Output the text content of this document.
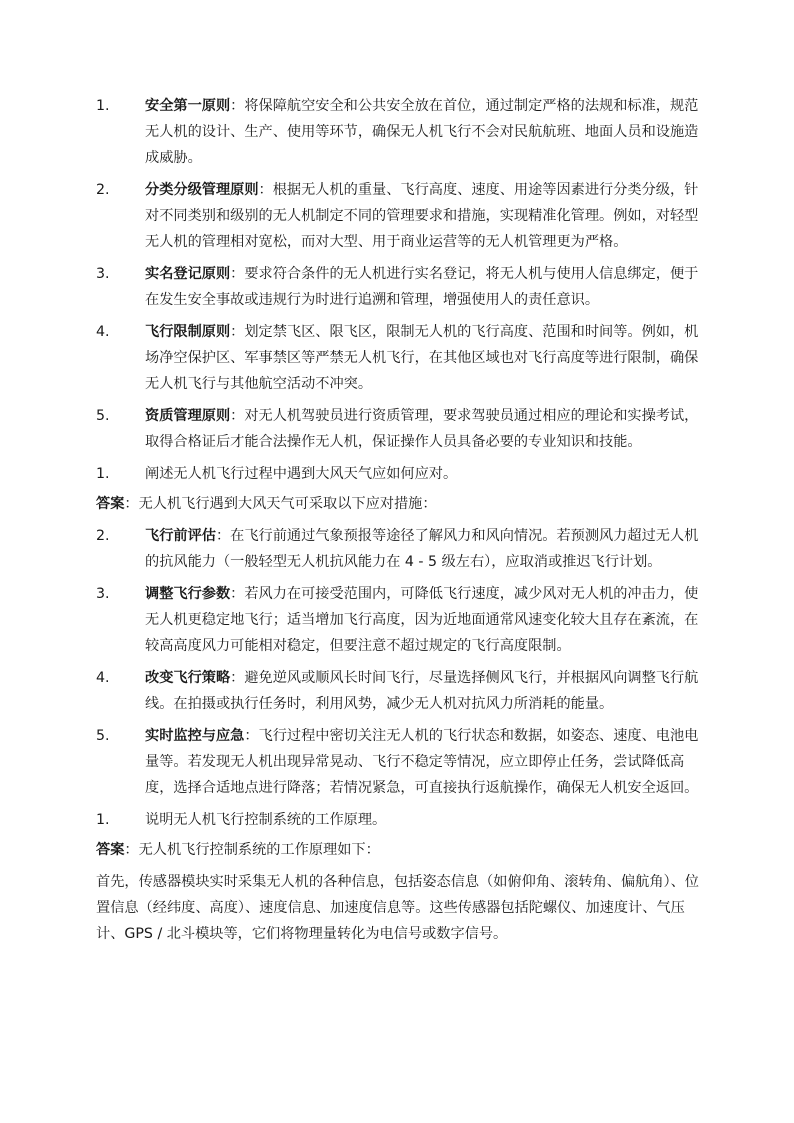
1. 安全第一原则：将保障航空安全和公共安全放在首位，通过制定严格的法规和标准，规范无人机的设计、生产、使用等环节，确保无人机飞行不会对民航航班、地面人员和设施造成威胁。
2. 分类分级管理原则：根据无人机的重量、飞行高度、速度、用途等因素进行分类分级，针对不同类别和级别的无人机制定不同的管理要求和措施，实现精准化管理。例如，对轻型无人机的管理相对宽松，而对大型、用于商业运营等的无人机管理更为严格。
3. 实名登记原则：要求符合条件的无人机进行实名登记，将无人机与使用人信息绑定，便于在发生安全事故或违规行为时进行追溯和管理，增强使用人的责任意识。
4. 飞行限制原则：划定禁飞区、限飞区，限制无人机的飞行高度、范围和时间等。例如，机场净空保护区、军事禁区等严禁无人机飞行，在其他区域也对飞行高度等进行限制，确保无人机飞行与其他航空活动不冲突。
5. 资质管理原则：对无人机驾驶员进行资质管理，要求驾驶员通过相应的理论和实操考试，取得合格证后才能合法操作无人机，保证操作人员具备必要的专业知识和技能。
1. 阐述无人机飞行过程中遇到大风天气应如何应对。
答案：无人机飞行遇到大风天气可采取以下应对措施：
2. 飞行前评估：在飞行前通过气象预报等途径了解风力和风向情况。若预测风力超过无人机的抗风能力（一般轻型无人机抗风能力在 4 - 5 级左右），应取消或推迟飞行计划。
3. 调整飞行参数：若风力在可接受范围内，可降低飞行速度，减少风对无人机的冲击力，使无人机更稳定地飞行；适当增加飞行高度，因为近地面通常风速变化较大且存在紊流，在较高高度风力可能相对稳定，但要注意不超过规定的飞行高度限制。
4. 改变飞行策略：避免逆风或顺风长时间飞行，尽量选择侧风飞行，并根据风向调整飞行航线。在拍摄或执行任务时，利用风势，减少无人机对抗风力所消耗的能量。
5. 实时监控与应急：飞行过程中密切关注无人机的飞行状态和数据，如姿态、速度、电池电量等。若发现无人机出现异常晃动、飞行不稳定等情况，应立即停止任务，尝试降低高度，选择合适地点进行降落；若情况紧急，可直接执行返航操作，确保无人机安全返回。
1. 说明无人机飞行控制系统的工作原理。
答案：无人机飞行控制系统的工作原理如下：
首先，传感器模块实时采集无人机的各种信息，包括姿态信息（如俯仰角、滚转角、偏航角）、位置信息（经纬度、高度）、速度信息、加速度信息等。这些传感器包括陀螺仪、加速度计、气压计、GPS / 北斗模块等，它们将物理量转化为电信号或数字信号。
